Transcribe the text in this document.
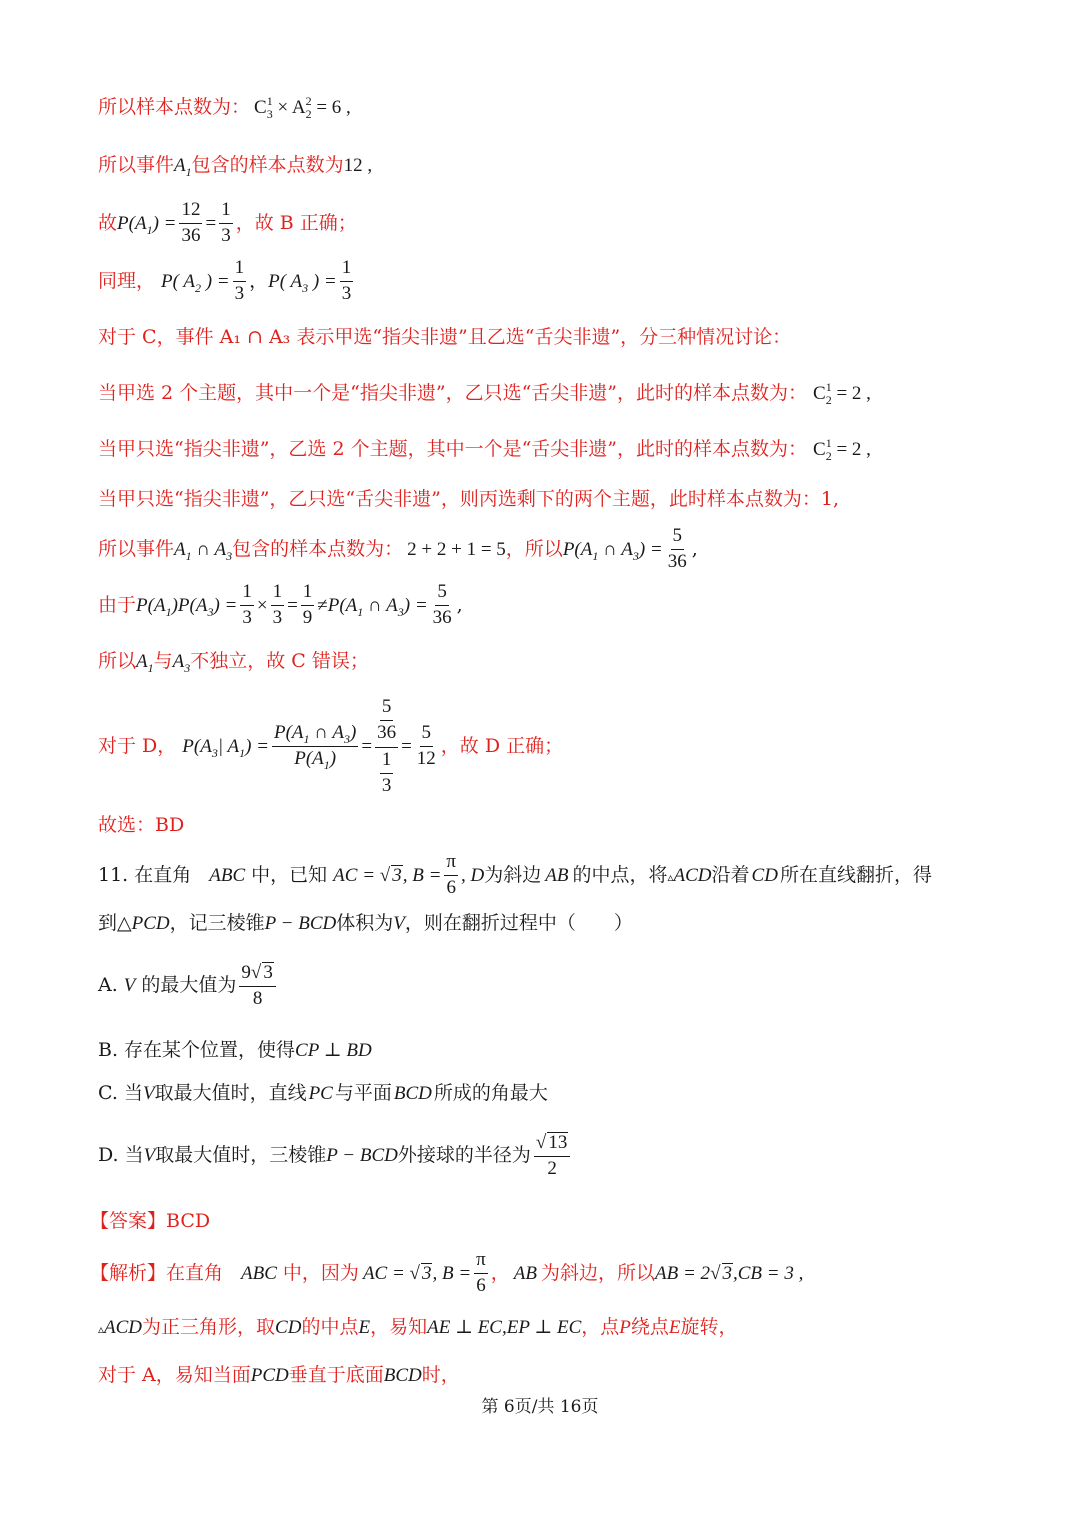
所以样本点数为： $C_3^1 \times A_2^2 = 6$ ,
所以事件 $A_1$ 包含的样本点数为 12 ,
故 $P(A_1) = \frac{12}{36} = \frac{1}{3}$ ，故 B 正确；
同理， P( $A_2$ ) = $\frac{1}{3}$ ， P( $A_3$ ) = $\frac{1}{3}$
对于 C，事件 A₁ ∩ A₃ 表示甲选“指尖非遗”且乙选“舌尖非遗”，分三种情况讨论：
当甲选 2 个主题，其中一个是“指尖非遗”，乙只选“舌尖非遗”，此时的样本点数为： $C_2^1 = 2$ ,
当甲只选“指尖非遗”，乙选 2 个主题，其中一个是“舌尖非遗”，此时的样本点数为： $C_2^1 = 2$ ,
当甲只选“指尖非遗”，乙只选“舌尖非遗”，则丙选剩下的两个主题，此时样本点数为：1,
所以事件 $A_1$ ∩ $A_3$ 包含的样本点数为： 2 + 2 + 1 = 5 ，所以 $P(A_1$ ∩ $A_3) = \frac{5}{36}$ ,
由于 $P(A_1)P(A_3) = \frac{1}{3} \times \frac{1}{3} = \frac{1}{9} \ne P(A_1$ ∩ $A_3) = \frac{5}{36}$ ,
所以 $A_1$ 与 $A_3$ 不独立，故 C 错误；
对于 D， $P(A_3|$ $A_1) = \frac{P(A_1 \cap A_3)}{P(A_1)} = 5$
36
1
$3 = \frac{5}{12}$ ，故 D 正确；
故选：BD
11. 在直角 ABC 中，已知 AC = √ 3, $B = \frac{\pi}{6}$ , D 为斜边 AB 的中点，将 ▵ACD 沿着 CD 所在直线翻折，得
到 △PCD ，记三棱锥 P − BCD 体积为 V ，则在翻折过程中（　　）
A. V 的最大值为 $\frac{9√ 3}{8}$
B. 存在某个位置，使得 CP ⊥ BD
C. 当 V 取最大值时，直线 PC 与平面 BCD 所成的角最大
D. 当 V 取最大值时，三棱锥 P − BCD 外接球的半径为 $\frac{√ 13}{2}$
【答案】 BCD
【解析】 在直角 ABC 中，因为 AC = √ 3, $B = \frac{\pi}{6}$ ， AB 为斜边，所以 AB = 2√ 3,CB = 3 ,
▵ACD 为正三角形，取 CD 的中点 E ，易知 AE ⊥ EC,EP ⊥ EC ，点 P 绕点 E 旋转，
对于 A，易知当面 PCD 垂直于底面 BCD 时，
第 6页/共 16页
